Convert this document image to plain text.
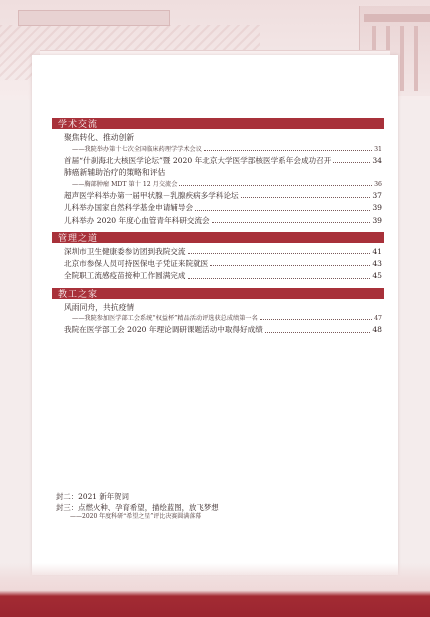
学术交流
聚焦转化、推动创新
——我院举办第十七次全国临床药理学学术会议	31
首届“什刹海北大核医学论坛”暨 2020 年北京大学医学部核医学系年会成功召开	34
肺癌新辅助治疗的策略和评估
——胸部肿瘤 MDT 第十 12 月交流会	36
超声医学科举办第一届甲状腺－乳腺疾病多学科论坛	37
儿科举办国家自然科学基金申请辅导会	39
儿科举办 2020 年度心血管青年科研交流会	39
管理之道
深圳市卫生健康委参访团到我院交流	41
北京市参保人员可持医保电子凭证来院就医	43
全院职工流感疫苗接种工作圆满完成	45
教工之家
风雨同舟，共抗疫情
——我院参加医学部工会系统“权益杯”精品活动评选获总成绩第一名	47
我院在医学部工会 2020 年理论调研课题活动中取得好成绩	48
封二：2021 新年贺词
封三：点燃火种、孕育希望，描绘蓝图，放飞梦想
——2020 年度科研“希望之星”评比决赛圆满落幕
